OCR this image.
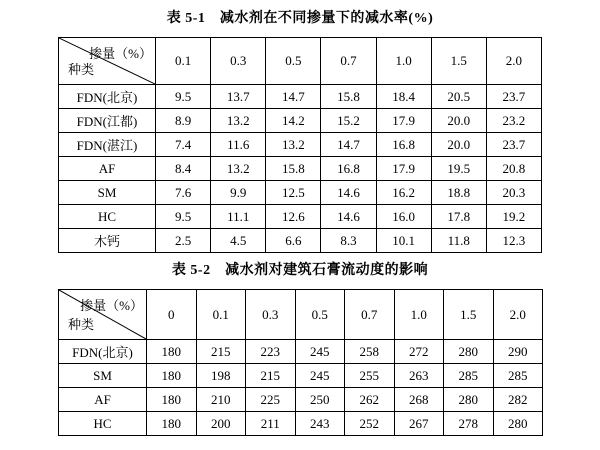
表 5-1　减水剂在不同掺量下的减水率(%)
掺量（%）
种类	0.1	0.3	0.5	0.7	1.0	1.5	2.0
FDN(北京)	9.5	13.7	14.7	15.8	18.4	20.5	23.7
FDN(江都)	8.9	13.2	14.2	15.2	17.9	20.0	23.2
FDN(湛江)	7.4	11.6	13.2	14.7	16.8	20.0	23.7
AF	8.4	13.2	15.8	16.8	17.9	19.5	20.8
SM	7.6	9.9	12.5	14.6	16.2	18.8	20.3
HC	9.5	11.1	12.6	14.6	16.0	17.8	19.2
木钙	2.5	4.5	6.6	8.3	10.1	11.8	12.3
表 5-2　减水剂对建筑石膏流动度的影响
掺量（%）
种类	0	0.1	0.3	0.5	0.7	1.0	1.5	2.0
FDN(北京)	180	215	223	245	258	272	280	290
SM	180	198	215	245	255	263	285	285
AF	180	210	225	250	262	268	280	282
HC	180	200	211	243	252	267	278	280
